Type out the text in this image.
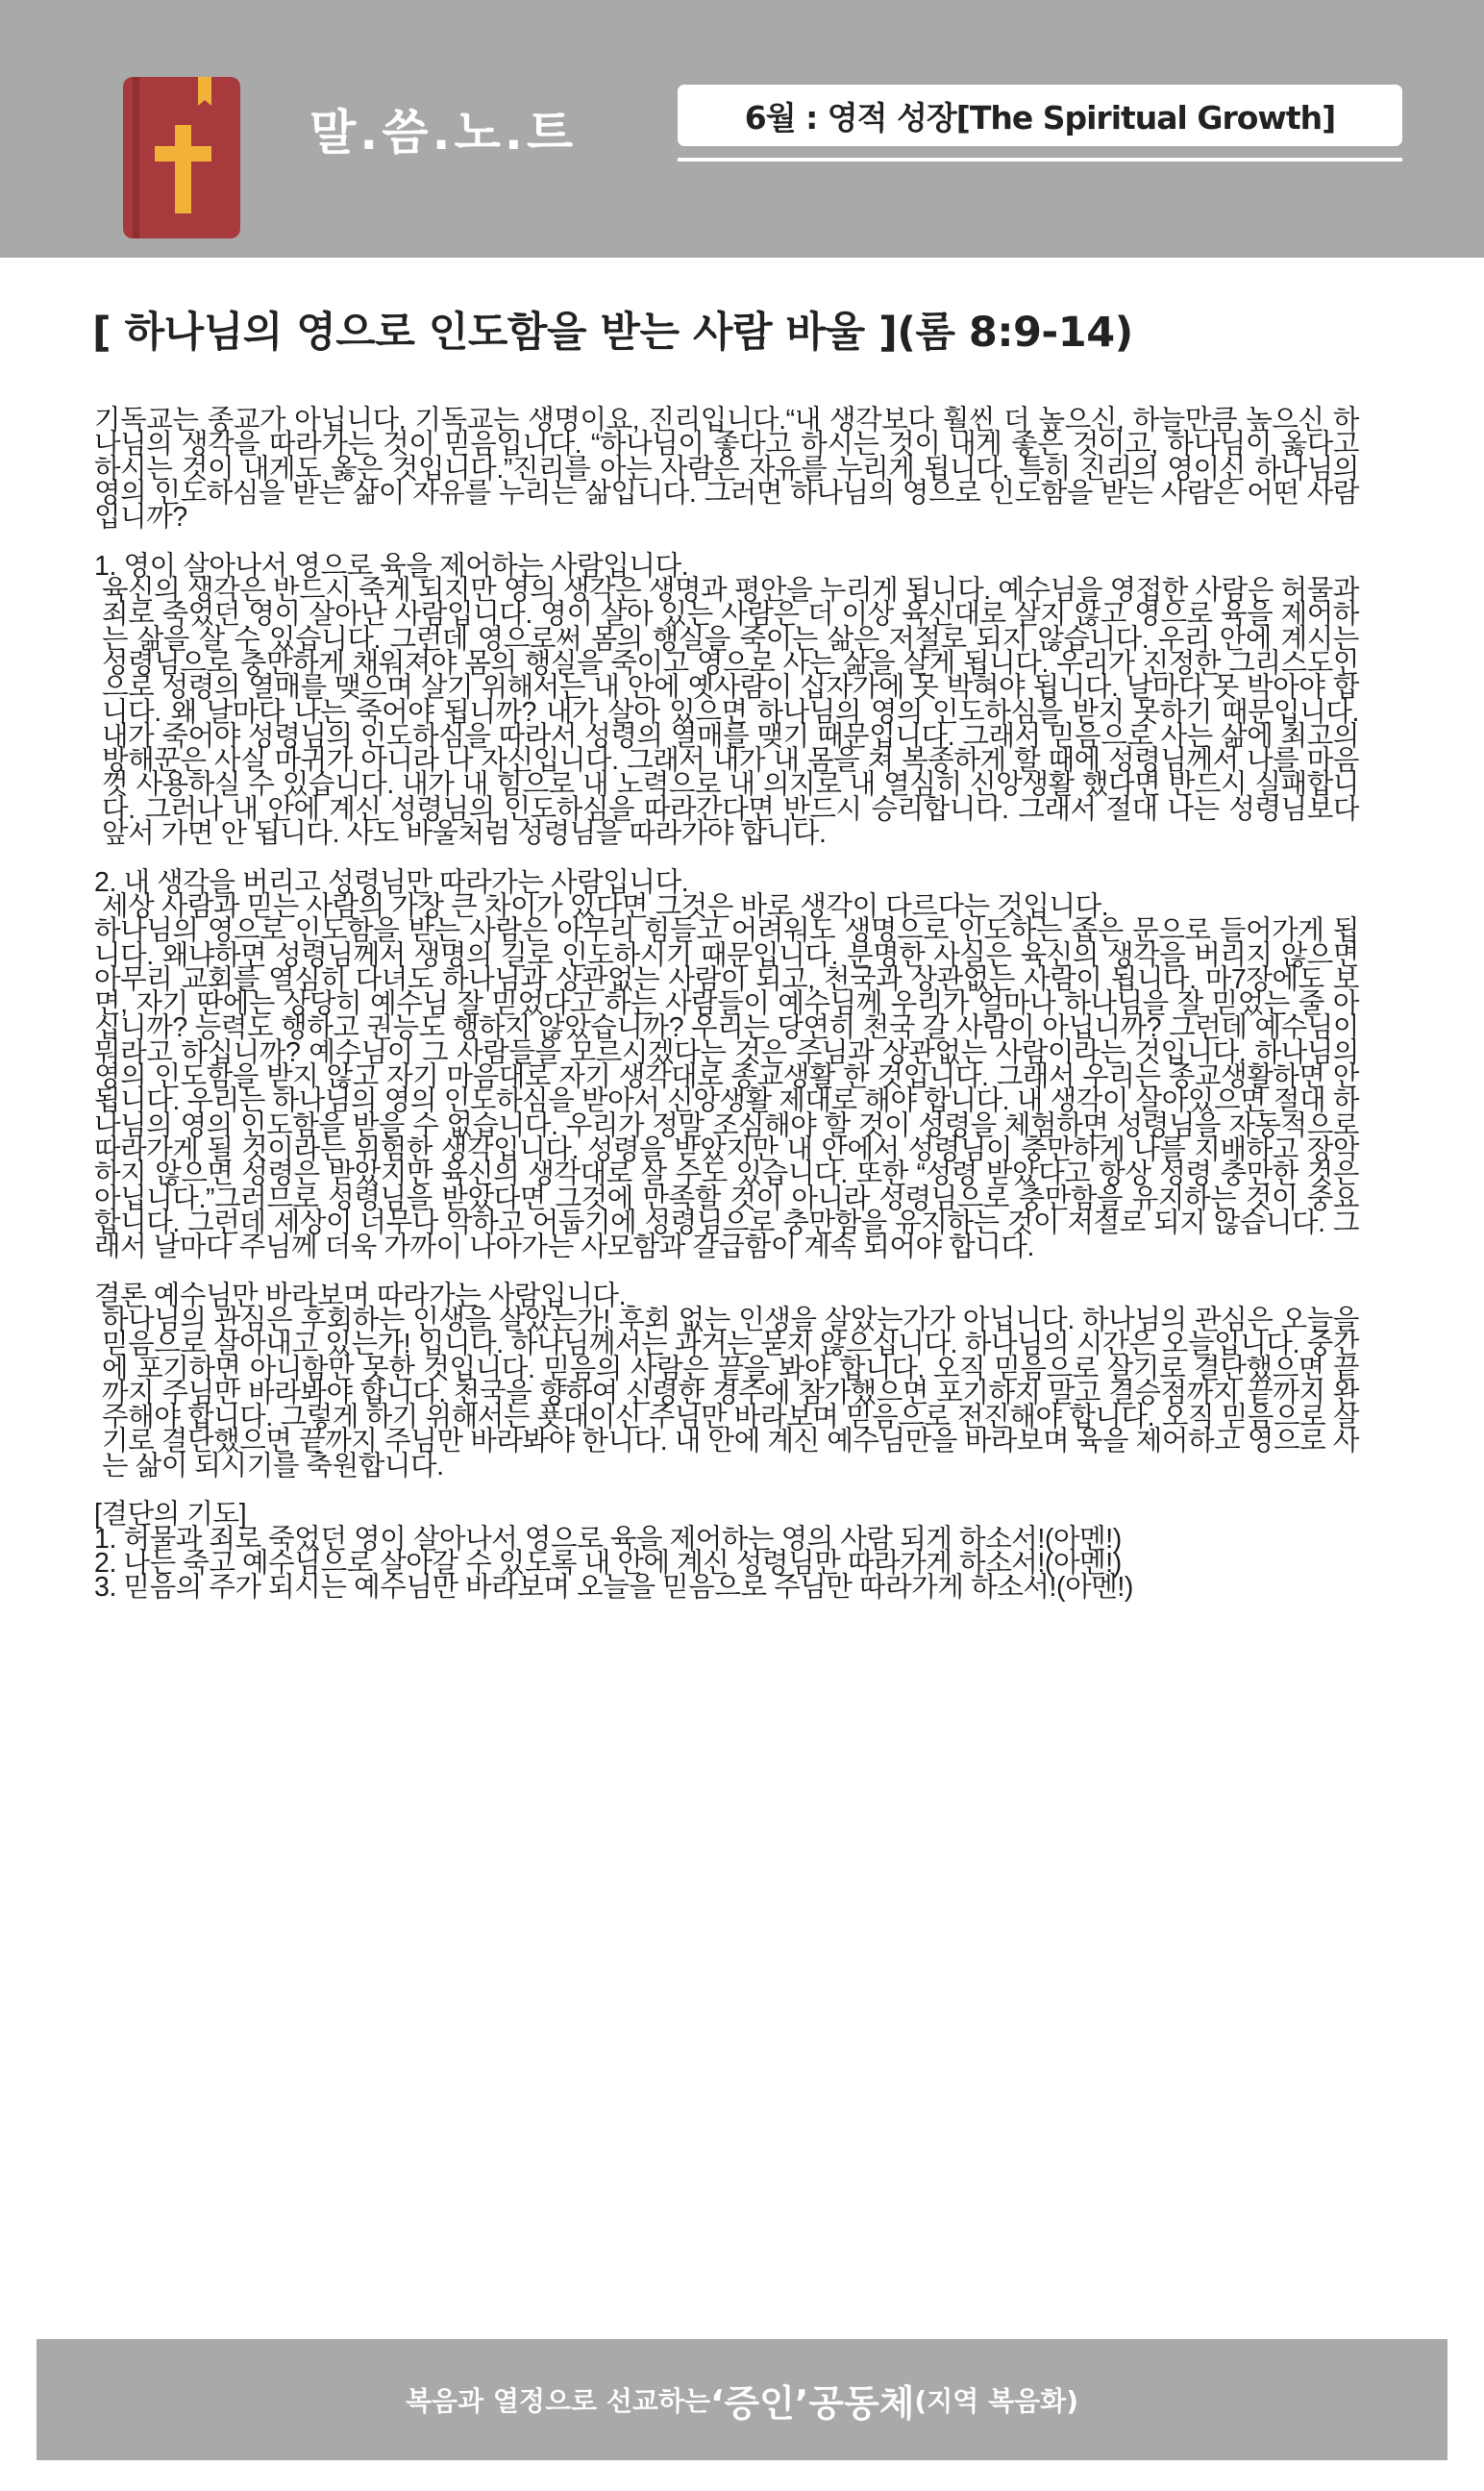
말.씀.노.트	6월 : 영적 성장[The Spiritual Growth]
[ 하나님의 영으로 인도함을 받는 사람 바울 ](롬 8:9-14)

기독교는 종교가 아닙니다. 기독교는 생명이요, 진리입니다.“내 생각보다 훨씬 더 높으신, 하늘만큼 높으신 하나님의 생각을 따라가는 것이 믿음입니다. “하나님이 좋다고 하시는 것이 내게 좋은 것이고, 하나님이 옳다고 하시는 것이 내게도 옳은 것입니다.”진리를 아는 사람은 자유를 누리게 됩니다. 특히 진리의 영이신 하나님의 영의 인도하심을 받는 삶이 자유를 누리는 삶입니다. 그러면 하나님의 영으로 인도함을 받는 사람은 어떤 사람입니까?

1. 영이 살아나서 영으로 육을 제어하는 사람입니다.

육신의 생각은 반드시 죽게 되지만 영의 생각은 생명과 평안을 누리게 됩니다. 예수님을 영접한 사람은 허물과 죄로 죽었던 영이 살아난 사람입니다. 영이 살아 있는 사람은 더 이상 육신대로 살지 않고 영으로 육을 제어하는 삶을 살 수 있습니다. 그런데 영으로써 몸의 행실을 죽이는 삶은 저절로 되지 않습니다. 우리 안에 계시는 성령님으로 충만하게 채워져야 몸의 행실을 죽이고 영으로 사는 삶을 살게 됩니다. 우리가 진정한 그리스도인으로 성령의 열매를 맺으며 살기 위해서는 내 안에 옛사람이 십자가에 못 박혀야 됩니다. 날마다 못 박아야 합니다. 왜 날마다 나는 죽어야 됩니까? 내가 살아 있으면 하나님의 영의 인도하심을 받지 못하기 때문입니다. 내가 죽어야 성령님의 인도하심을 따라서 성령의 열매를 맺기 때문입니다. 그래서 믿음으로 사는 삶에 최고의 방해꾼은 사실 마귀가 아니라 나 자신입니다. 그래서 내가 내 몸을 쳐 복종하게 할 때에 성령님께서 나를 마음껏 사용하실 수 있습니다. 내가 내 힘으로 내 노력으로 내 의지로 내 열심히 신앙생활 했다면 반드시 실패합니다. 그러나 내 안에 계신 성령님의 인도하심을 따라간다면 반드시 승리합니다. 그래서 절대 나는 성령님보다 앞서 가면 안 됩니다. 사도 바울처럼 성령님을 따라가야 합니다.

2. 내 생각을 버리고 성령님만 따라가는 사람입니다.

세상 사람과 믿는 사람의 가장 큰 차이가 있다면 그것은 바로 생각이 다르다는 것입니다.

하나님의 영으로 인도함을 받는 사람은 아무리 힘들고 어려워도 생명으로 인도하는 좁은 문으로 들어가게 됩니다. 왜냐하면 성령님께서 생명의 길로 인도하시기 때문입니다. 분명한 사실은 육신의 생각을 버리지 않으면 아무리 교회를 열심히 다녀도 하나님과 상관없는 사람이 되고, 천국과 상관없는 사람이 됩니다. 마7장에도 보면, 자기 딴에는 상당히 예수님 잘 믿었다고 하는 사람들이 예수님께 우리가 얼마나 하나님을 잘 믿었는 줄 아십니까? 능력도 행하고 권능도 행하지 않았습니까? 우리는 당연히 천국 갈 사람이 아닙니까? 그런데 예수님이 뭐라고 하십니까? 예수님이 그 사람들을 모르시겠다는 것은 주님과 상관없는 사람이라는 것입니다. 하나님의 영의 인도함을 받지 않고 자기 마음대로 자기 생각대로 종교생활 한 것입니다. 그래서 우리는 종교생활하면 안 됩니다. 우리는 하나님의 영의 인도하심을 받아서 신앙생활 제대로 해야 합니다. 내 생각이 살아있으면 절대 하나님의 영의 인도함을 받을 수 없습니다. 우리가 정말 조심해야 할 것이 성령을 체험하면 성령님을 자동적으로 따라가게 될 것이라는 위험한 생각입니다. 성령을 받았지만 내 안에서 성령님이 충만하게 나를 지배하고 장악하지 않으면 성령은 받았지만 육신의 생각대로 살 수도 있습니다. 또한 “성령 받았다고 항상 성령 충만한 것은 아닙니다.”그러므로 성령님을 받았다면 그것에 만족할 것이 아니라 성령님으로 충만함을 유지하는 것이 중요합니다. 그런데 세상이 너무나 악하고 어둡기에 성령님으로 충만함을 유지하는 것이 저절로 되지 않습니다. 그래서 날마다 주님께 더욱 가까이 나아가는 사모함과 갈급함이 계속 되어야 합니다.

결론 예수님만 바라보며 따라가는 사람입니다.

하나님의 관심은 후회하는 인생을 살았는가! 후회 없는 인생을 살았는가가 아닙니다. 하나님의 관심은 오늘을 믿음으로 살아내고 있는가! 입니다. 하나님께서는 과거는 묻지 않으십니다. 하나님의 시간은 오늘입니다. 중간에 포기하면 아니함만 못한 것입니다. 믿음의 사람은 끝을 봐야 합니다. 오직 믿음으로 살기로 결단했으면 끝까지 주님만 바라봐야 합니다. 천국을 향하여 신령한 경주에 참가했으면 포기하지 말고 결승점까지 끝까지 완주해야 합니다. 그렇게 하기 위해서는 푯대이신 주님만 바라보며 믿음으로 전진해야 합니다. 오직 믿음으로 살기로 결단했으면 끝까지 주님만 바라봐야 한니다. 내 안에 계신 예수님만을 바라보며 육을 제어하고 영으로 사는 삶이 되시기를 축원합니다.

[결단의 기도]

1. 허물과 죄로 죽었던 영이 살아나서 영으로 육을 제어하는 영의 사람 되게 하소서!(아멘!)

2. 나는 죽고 예수님으로 살아갈 수 있도록 내 안에 계신 성령님만 따라가게 하소서!(아멘!)

3. 믿음의 주가 되시는 예수님만 바라보며 오늘을 믿음으로 주님만 따라가게 하소서!(아멘!)

복음과 열정으로 선교하는 ‘증인’공동체 (지역 복음화)
